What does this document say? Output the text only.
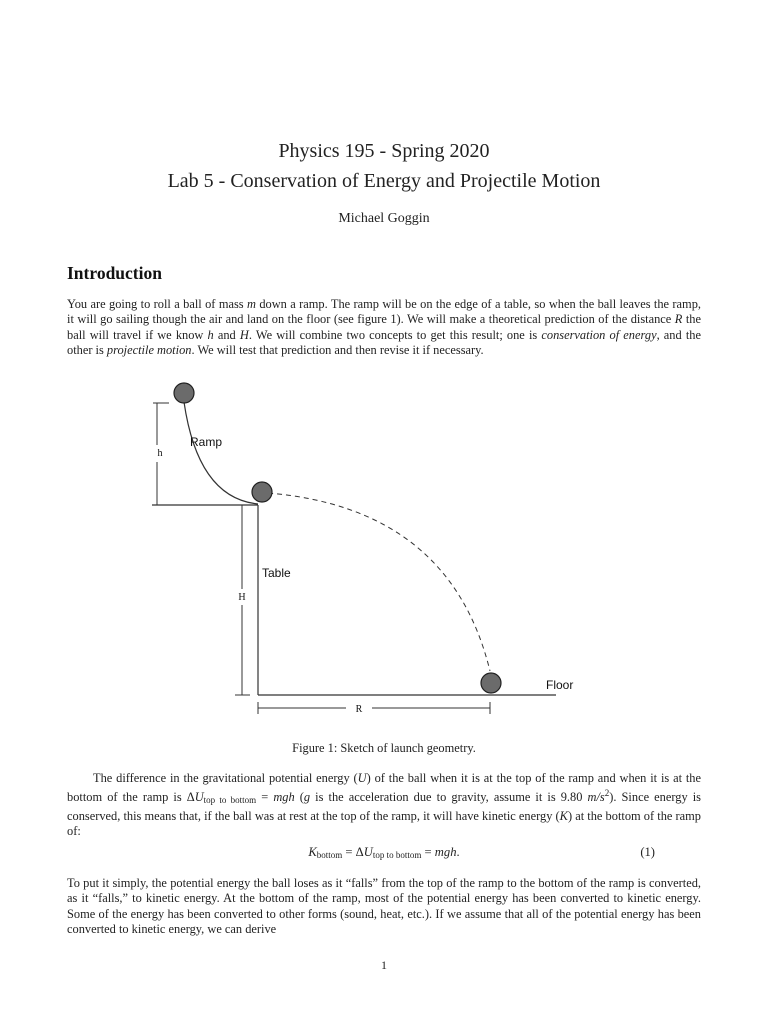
Physics 195 - Spring 2020
Lab 5 - Conservation of Energy and Projectile Motion
Michael Goggin
Introduction
You are going to roll a ball of mass m down a ramp. The ramp will be on the edge of a table, so when the ball leaves the ramp, it will go sailing though the air and land on the floor (see figure 1). We will make a theoretical prediction of the distance R the ball will travel if we know h and H. We will combine two concepts to get this result; one is conservation of energy, and the other is projectile motion. We will test that prediction and then revise it if necessary.
h
H
R
Ramp
Table
Floor
Figure 1: Sketch of launch geometry.
The difference in the gravitational potential energy (U) of the ball when it is at the top of the ramp and when it is at the bottom of the ramp is $\Delta U_{top to bottom}$ = mgh (g is the acceleration due to gravity, assume it is 9.80 $m/s^2$). Since energy is conserved, this means that, if the ball was at rest at the top of the ramp, it will have kinetic energy (K) at the bottom of the ramp of:
$K_{bottom} = \Delta U_{top to bottom}$ = mgh.	(1)
To put it simply, the potential energy the ball loses as it “falls” from the top of the ramp to the bottom of the ramp is converted, as it “falls,” to kinetic energy. At the bottom of the ramp, most of the potential energy has been converted to kinetic energy. Some of the energy has been converted to other forms (sound, heat, etc.). If we assume that all of the potential energy has been converted to kinetic energy, we can derive
1
